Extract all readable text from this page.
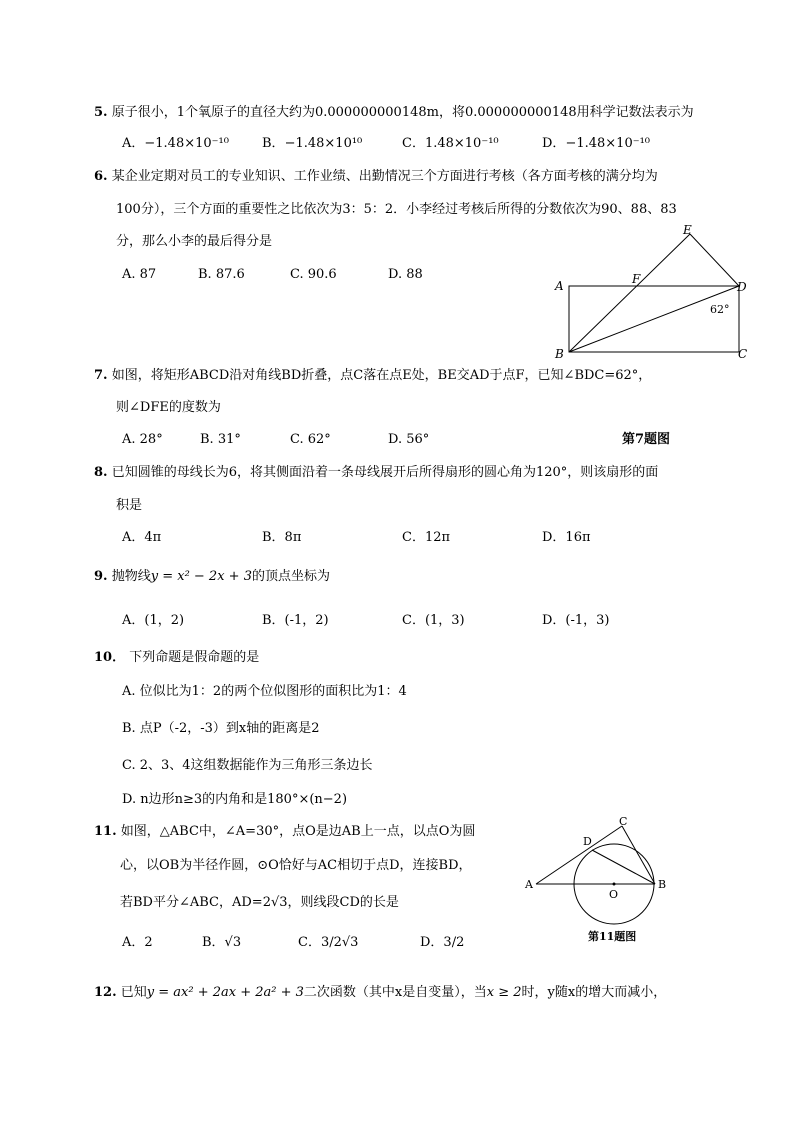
5. 原子很小，1个氧原子的直径大约为0.000000000148m，将0.000000000148用科学记数法表示为
A．−1.48×10⁻¹⁰	B．−1.48×10¹⁰	C．1.48×10⁻¹⁰	D．−1.48×10⁻¹⁰
6. 某企业定期对员工的专业知识、工作业绩、出勤情况三个方面进行考核（各方面考核的满分均为
100分），三个方面的重要性之比依次为3：5：2．小李经过考核后所得的分数依次为90、88、83
分，那么小李的最后得分是
A. 87	B. 87.6	C. 90.6	D. 88
A
B	C
D
E
F
62°
7. 如图，将矩形ABCD沿对角线BD折叠，点C落在点E处，BE交AD于点F，已知∠BDC=62°，
则∠DFE的度数为
A. 28°	B. 31°	C. 62°	D. 56°	第7题图
8. 已知圆锥的母线长为6，将其侧面沿着一条母线展开后所得扇形的圆心角为120°，则该扇形的面
积是
A．4π	B．8π	C．12π	D．16π
9. 抛物线y = x² − 2x + 3的顶点坐标为
A．(1，2)	B．(-1，2)	C．(1，3)	D．(-1，3)
10． 下列命题是假命题的是
A. 位似比为1：2的两个位似图形的面积比为1：4
B. 点P（-2，-3）到x轴的距离是2
C. 2、3、4这组数据能作为三角形三条边长
D. n边形n≥3的内角和是180°×(n−2)
11. 如图，△ABC中，∠A=30°，点O是边AB上一点，以点O为圆
心，以OB为半径作圆，⊙O恰好与AC相切于点D，连接BD，
若BD平分∠ABC，AD=2√3，则线段CD的长是
A．2	B．√3	C．3/2√3	D．3/2
A	B
C
D
O
第11题图
12. 已知y = ax² + 2ax + 2a² + 3二次函数（其中x是自变量），当x ≥ 2时，y随x的增大而减小，
